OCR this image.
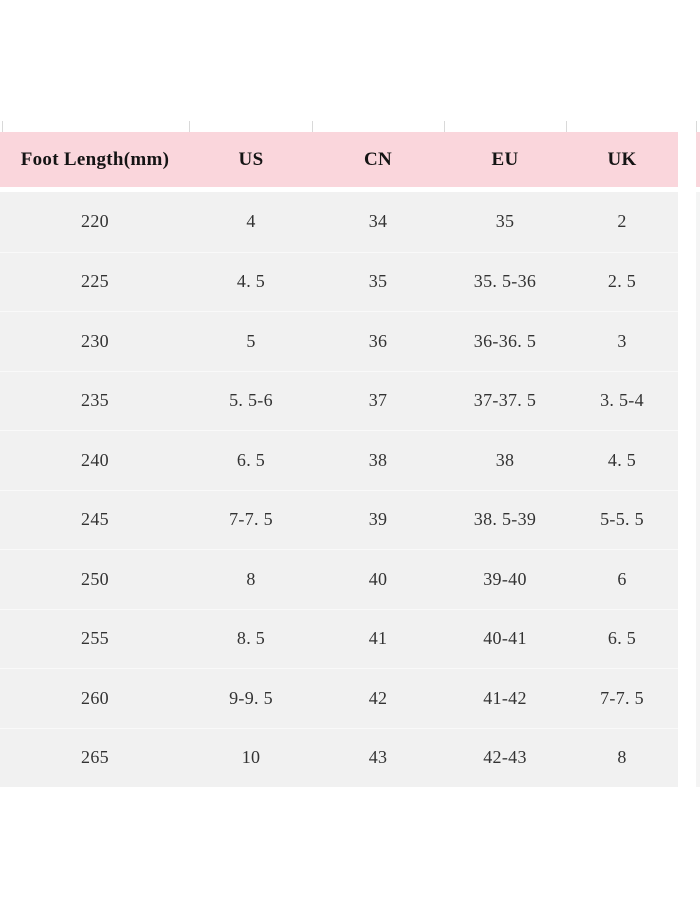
Foot Length(mm)	US	CN	EU	UK
220	4	34	35	2
225	4. 5	35	35. 5-36	2. 5
230	5	36	36-36. 5	3
235	5. 5-6	37	37-37. 5	3. 5-4
240	6. 5	38	38	4. 5
245	7-7. 5	39	38. 5-39	5-5. 5
250	8	40	39-40	6
255	8. 5	41	40-41	6. 5
260	9-9. 5	42	41-42	7-7. 5
265	10	43	42-43	8
